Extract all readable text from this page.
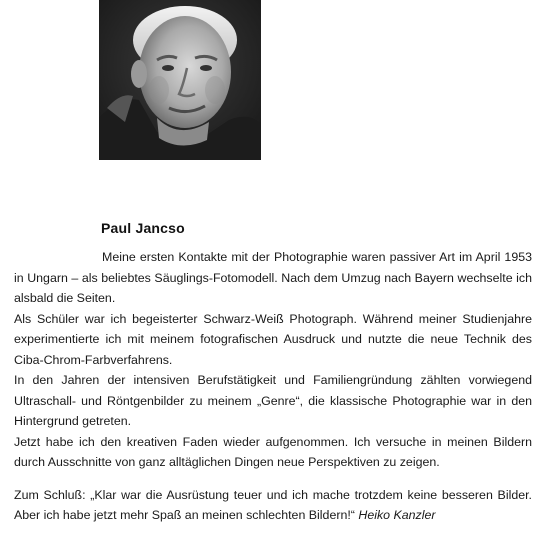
Paul Jancso

Meine ersten Kontakte mit der Photographie waren passiver Art im April 1953 in Ungarn – als beliebtes Säuglings-Fotomodell. Nach dem Umzug nach Bayern wechselte ich alsbald die Seiten.

Als Schüler war ich begeisterter Schwarz-Weiß Photograph. Während meiner Studienjahre experimentierte ich mit meinem fotografischen Ausdruck und nutzte die neue Technik des Ciba-Chrom-Farbverfahrens.

In den Jahren der intensiven Berufstätigkeit und Familiengründung zählten vorwiegend Ultraschall- und Röntgenbilder zu meinem „Genre“, die klassische Photographie war in den Hintergrund getreten.

Jetzt habe ich den kreativen Faden wieder aufgenommen. Ich versuche in meinen Bildern durch Ausschnitte von ganz alltäglichen Dingen neue Perspektiven zu zeigen.

Zum Schluß: „Klar war die Ausrüstung teuer und ich mache trotzdem keine besseren Bilder. Aber ich habe jetzt mehr Spaß an meinen schlechten Bildern!“ Heiko Kanzler
